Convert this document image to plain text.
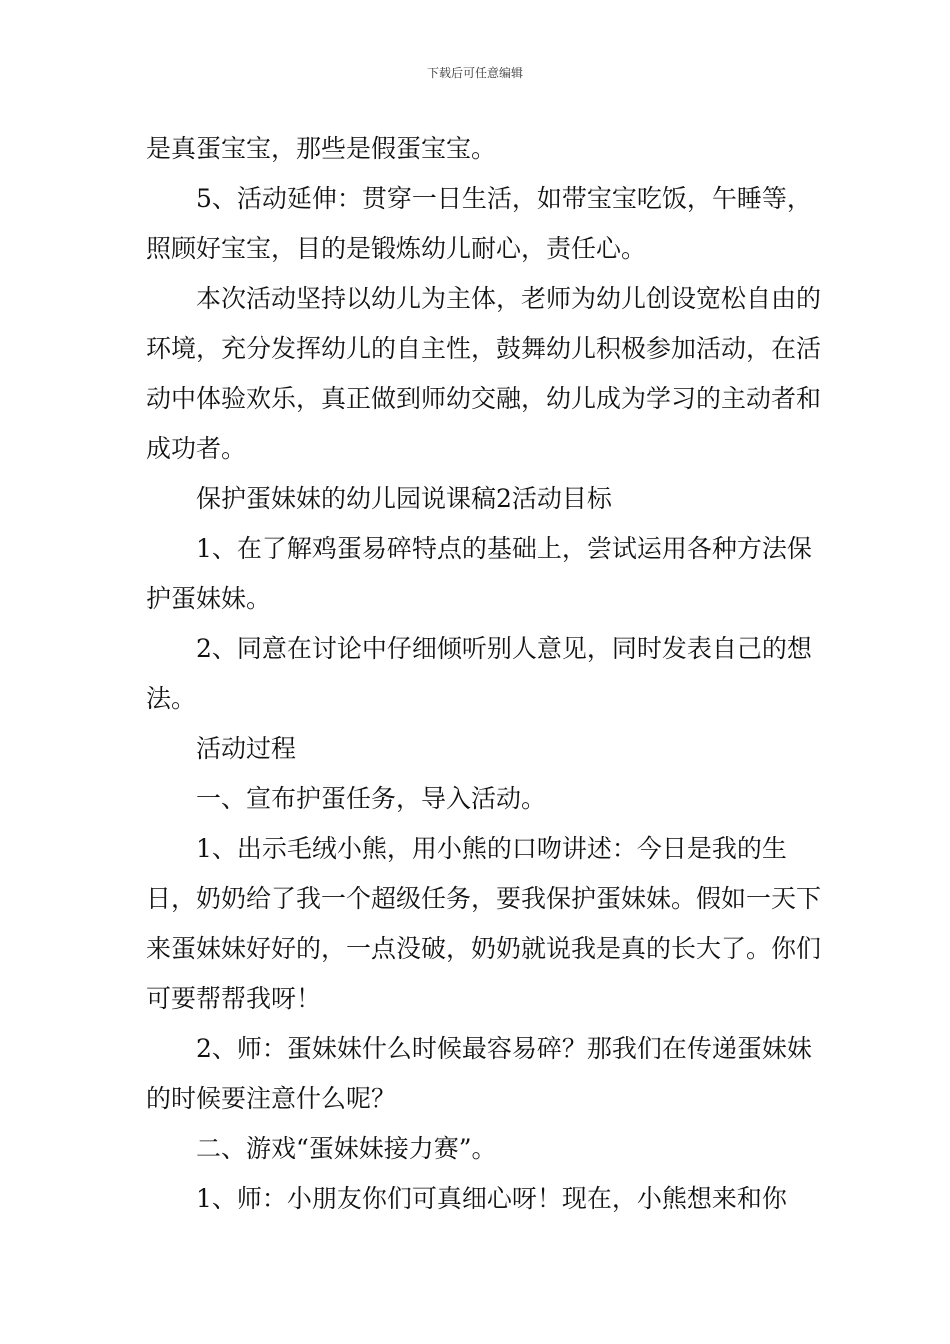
下载后可任意编辑

是真蛋宝宝，那些是假蛋宝宝。

5、活动延伸：贯穿一日生活，如带宝宝吃饭，午睡等，照顾好宝宝，目的是锻炼幼儿耐心，责任心。

本次活动坚持以幼儿为主体，老师为幼儿创设宽松自由的环境，充分发挥幼儿的自主性，鼓舞幼儿积极参加活动，在活动中体验欢乐，真正做到师幼交融，幼儿成为学习的主动者和成功者。

保护蛋妹妹的幼儿园说课稿2活动目标

1、在了解鸡蛋易碎特点的基础上，尝试运用各种方法保护蛋妹妹。

2、同意在讨论中仔细倾听别人意见，同时发表自己的想法。

活动过程

一、宣布护蛋任务，导入活动。

1、出示毛绒小熊，用小熊的口吻讲述：今日是我的生日，奶奶给了我一个超级任务，要我保护蛋妹妹。假如一天下来蛋妹妹好好的，一点没破，奶奶就说我是真的长大了。你们可要帮帮我呀！

2、师：蛋妹妹什么时候最容易碎？那我们在传递蛋妹妹的时候要注意什么呢？

二、游戏“蛋妹妹接力赛”。

1、师：小朋友你们可真细心呀！现在，小熊想来和你
